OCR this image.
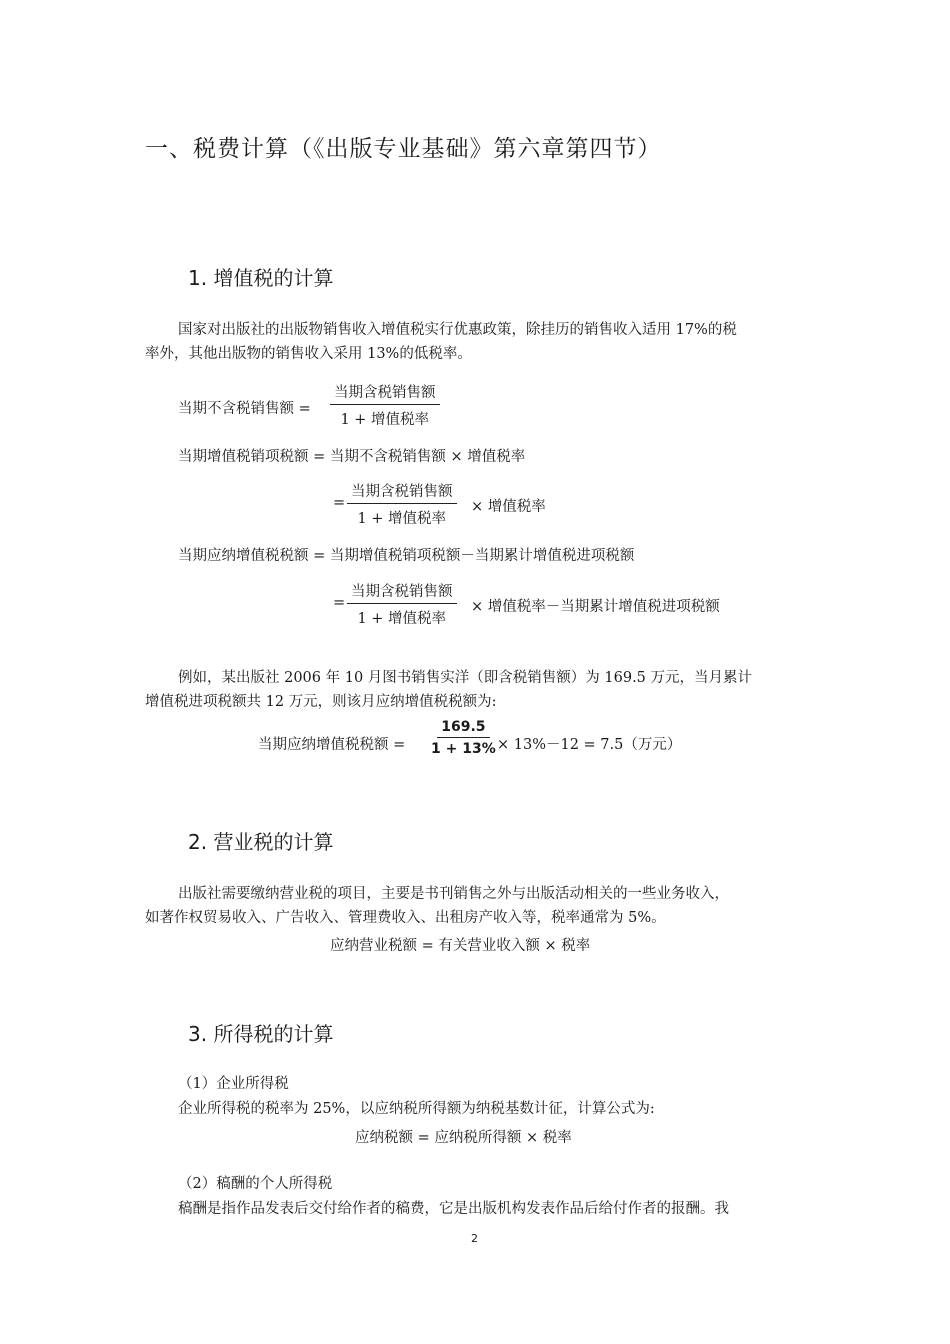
一、税费计算（《出版专业基础》第六章第四节）
1. 增值税的计算
国家对出版社的出版物销售收入增值税实行优惠政策，除挂历的销售收入适用 17%的税
率外，其他出版物的销售收入采用 13%的低税率。
当期不含税销售额 =
当期含税销售额
1 + 增值税率
当期增值税销项税额 = 当期不含税销售额 × 增值税率
=
当期含税销售额
1 + 增值税率
× 增值税率
当期应纳增值税税额 = 当期增值税销项税额－当期累计增值税进项税额
=
当期含税销售额
1 + 增值税率
× 增值税率－当期累计增值税进项税额
例如，某出版社 2006 年 10 月图书销售实洋（即含税销售额）为 169.5 万元，当月累计
增值税进项税额共 12 万元，则该月应纳增值税税额为:
当期应纳增值税税额 = $\frac{169.5}{1 + 13\%}$
× 13%－12 = 7.5（万元）
2. 营业税的计算
出版社需要缴纳营业税的项目，主要是书刊销售之外与出版活动相关的一些业务收入，
如著作权贸易收入、广告收入、管理费收入、出租房产收入等，税率通常为 5%。
应纳营业税额 = 有关营业收入额 × 税率
3. 所得税的计算
（1）企业所得税
企业所得税的税率为 25%，以应纳税所得额为纳税基数计征，计算公式为:
应纳税额 = 应纳税所得额 × 税率
（2）稿酬的个人所得税
稿酬是指作品发表后交付给作者的稿费，它是出版机构发表作品后给付作者的报酬。我
2
